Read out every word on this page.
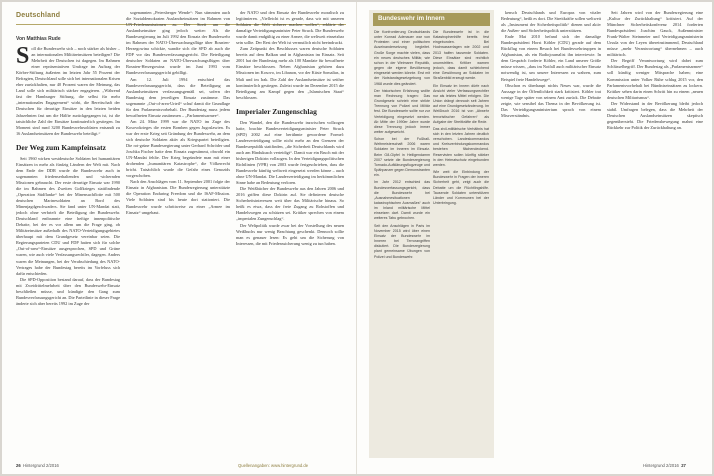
Deutschland
Von Matthias Rude

Soll die Bundeswehr sich – noch stärker als bisher – an internationalen Militäreinsätzen beteiligen? Die Mehrheit der Deutschen ist dagegen. Im Rahmen einer repräsentativen Umfrage im Auftrag der Körber-Stiftung äußerten im letzten Jahr 55 Prozent der Befragten, Deutschland solle sich bei internationalen Krisen eher zurückhalten, nur 40 Prozent waren der Meinung, das Land solle sich militärisch stärker engagieren. „Während fast der Hamburger Stiftung, die selbst für mehr „internationales Engagement“ wirbt, die Bereitschaft der Deutschen für derartige Einsätze in den letzten beiden Jahrzehnten fast um die Hälfte zurückgegangen ist, ist die tatsächliche Zahl der Einsätze kontinuierlich gestiegen. Im Moment sind rund 3200 Bundeswehrsoldaten entsandt zu 16 Auslandseinsätzen der Bundeswehr beteiligt.“

Der Weg zum Kampfeinsatz

Seit 1960 wirken westdeutsche Soldaten bei humanitären Einsätzen in mehr als fünfzig Ländern der Welt mit. Nach dem Ende der DDR wurde die Bundeswehr auch in sogenannten friedenserhaltenden und -sichernden Missionen gebraucht. Der erste derartige Einsatz war 1990 die im Rahmen des Zweiten Golfkrieges stattfindende „Operation Südflanke“ bei der Minensuchflotte mit 500 deutschen Marinesoldaten an Bord des Minenjagdgeschwaders. Sie fand unter UN-Mandat statt, jedoch ohne verbrieft die Beteiligung der Bundeswehr. Deutschland entbrannte eine heftige innenpolitische Debatte, bei der es vor allem um die Frage ging, ob Militäreinsätze außerhalb des NATO-Verteidigungsgebietes überhaupt mit dem Grundgesetz vereinbar seien. Die Regierungsparteien CDU und FDP hatten sich für solche „Out-of-area“-Einsätze ausgesprochen, SPD und Grüne waren, wie auch viele Verfassungsrechtler, dagegen. Anders waren die Meinungen, bei der Verabschiedung des NATO-Vertrages habe der Bundestag bereits im Vorfeluss sich dafür entschieden.

Die SPD-Opposition bestand darauf, dass der Bundestag mit Zweidrittelmehrheit über den Bundeswehr-Einsatz beschließen müsse, und kündigte den Gang zum Bundesverfassungsgericht an. Die Parteilinie in dieser Frage änderte sich aber bereits 1992 im Zuge der

sogenannten „Petersberger Wende“: Nun stimmten auch die Sozialdemokraten Auslandseinsätzen im Rahmen von UN-Friedensmissionen zu. Der Streit um die Auslandseinsätze ging jedoch weiter: Als die Bundesregierung im Juli 1992 den Einsatz der Bundeswehr im Rahmen der NATO-Überwachungsflüge über Bosnien-Herzegowina schickte, wandte sich die SPD ab auch die FDP vor das Bundesverfassungsgericht. Die Beteiligung deutscher Soldaten an NATO-Überwachungsflügen über Bosnien-Herzegowina wurde im Juni 1993 vom Bundesverfassungsgericht gebilligt.

Am 12. Juli 1994 entschied das Bundesverfassungsgericht, dass die Beteiligung an Auslandseinsätzen verfassungsgemäß sei, sofern der Bundestag dem jeweiligen Einsatz zustimme. Das sogenannte „Out-of-area-Urteil“ schuf damit die Grundlage für den Parlamentsvorbehalt. Der Bundestag muss jedem bewaffneten Einsatz zustimmen – „Parlamentsarmee“.

Am 24. März 1999 war die NATO im Zuge des Kosovokrieges die ersten Bomben gegen Jugoslawien. Es war der erste Krieg seit Gründung der Bundeswehr, an dem sich deutsche Soldaten aktiv als Kriegspartei beteiligten. Die rot-grüne Bundesregierung unter Gerhard Schröder und Joschka Fischer hatte dem Einsatz zugestimmt, obwohl ein UN-Mandat fehlte. Der Krieg begründete man mit einer drohenden „humanitären Katastrophe“, die Völkerrecht bricht. Tatsächlich wurde die Gefahr eines Genozids vorgeschoben.

Nach den Anschlägen vom 11. September 2001 folgte der Einsatz in Afghanistan. Die Bundesregierung unterstützte die Operation Enduring Freedom und die ISAF-Mission. Viele Soldaten sind bis heute dort stationiert. Die Bundeswehr wurde schrittweise zu einer „Armee im Einsatz“ umgebaut.

der NATO und den Einsatz der Bundeswehr moralisch zu legitimieren. „Vielleicht ist es gerade, dass wir mit unseren Soldaten die Welt sicherer machen wollen“, erklärte der damalige Verteidigungsminister Peter Struck. Die Bundeswehr wurde damit endgültig zu einer Armee, die weltweit einsetzbar sein sollte. Der Rest der Welt ist vermutlich nicht beeindruckt.

Zum Zeitpunkt des Beschlusses waren deutsche Soldaten bereits auf dem Balkan und in Afghanistan im Einsatz. Seit 2001 hat der Bundestag mehr als 100 Mandate für bewaffnete Einsätze beschlossen. Neben Afghanistan gehören dazu Missionen im Kosovo, im Libanon, vor der Küste Somalias, in Mali und im Irak. Die Zahl der Auslandseinsätze ist seither kontinuierlich gestiegen. Zuletzt wurde im Dezember 2015 die Beteiligung am Kampf gegen den „Islamischen Staat“ beschlossen.

Imperialer Zungenschlag

Den Wandel, den die Bundeswehr inzwischen vollzogen hatte, brachte Bundesverteidigungsminister Peter Struck (SPD) 2002 auf eine berühmte gewordene Formel: Landesverteidigung sollte nicht mehr an den Grenzen der Bundesrepublik stattfinden, „die Sicherheit Deutschlands wird auch am Hindukusch verteidigt“. Damit war ein Bruch mit der bisherigen Doktrin vollzogen. In den Verteidigungspolitischen Richtlinien (VPR) von 2003 wurde festgeschrieben, dass die Bundeswehr künftig weltweit eingesetzt werden könne – auch ohne UN-Mandat. Die Landesverteidigung im herkömmlichen Sinne habe an Bedeutung verloren.

Die Weißbücher der Bundeswehr aus den Jahren 2006 und 2016 griffen diese Doktrin auf. Sie definieren deutsche Sicherheitsinteressen weit über das Militärische hinaus. So heißt es etwa, dass der freie Zugang zu Rohstoffen und Handelswegen zu schützen sei. Kritiker sprechen von einem „imperialen Zungenschlag“.

Der Weltpolitik wurde zwar bei der Vorstellung des neuen Weißbuchs nur wenig Beachtung geschenkt. Dennoch sollte man es genauer lesen: Es geht um die Sicherung von Interessen, die mit Friedenssicherung wenig zu tun haben.

26 Hintergrund 2/2016	Quellenangaben: www.hintergrund.de
Bundeswehr im Innern

Die Konfrontierung Deutschlands unter Konrad Adenauer war von Protesten und einer politischen Auseinandersetzung begleitet. Große Sorge machte vielen, dass ein neues deutsches Militär, wie schon in der Weimarer Republik, gegen die eigene Bevölkerung eingesetzt werden könnte. Erst mit der Notstandsgesetzgebung von 1968 wurde dies geändert.

Der historischen Erfahrung wollte man Rechnung tragen: Das Grundgesetz schrieb eine strikte Trennung von Polizei und Militär fest. Die Bundeswehr sollte nur zur Verteidigung eingesetzt werden. Ab Mitte der 1990er Jahre wurde diese Trennung jedoch immer weiter aufgeweicht.

Schon bei der Fußball-Weltmeisterschaft 2006 waren Soldaten im Inneren im Einsatz. Beim G8-Gipfel in Heiligendamm 2007 setzte die Bundesregierung Tornado-Aufklärungsflugzeuge und Spähpanzer gegen Demonstranten ein.

Im Jahr 2012 entschied das Bundesverfassungsgericht, dass die Bundeswehr bei „Ausnahmesituationen katastrophischen Ausmaßes“ auch im Inland militärische Mittel einsetzen darf. Damit wurde ein weiteres Tabu gebrochen.

Seit den Anschlägen in Paris im November 2015 wird über einen Einsatz der Bundeswehr im Inneren bei Terrorangriffen diskutiert. Die Bundesregierung plant gemeinsame Übungen von Polizei und Bundeswehr.

Die Bundeswehr ist in die Katastrophenhilfe bereits fest eingebunden. Bei Hochwasserlagen wie 2002 und 2013 halfen tausende Soldaten. Diese Einsätze sind rechtlich unumstritten. Kritiker warnen jedoch, dass damit schleichend eine Gewöhnung an Soldaten im Straßenbild erzeugt werde.

Ein Einsatz im Innern dürfe nach Ansicht vieler Verfassungsrechtler nur als letztes Mittel erfolgen. Die Union drängt dennoch seit Jahren auf eine Grundgesetzänderung. Im Weißbuch 2016 ist von „Abwehr terroristischer Gefahren“ als Aufgabe der Streitkräfte die Rede.

Das zivil-militärische Verhältnis hat sich in den letzten Jahren deutlich verschoben. Landeskommandos und Kreisverbindungskommandos bestehen flächendeckend. Reservisten sollen künftig stärker in den Heimatschutz eingebunden werden.

Wie weit die Einbindung der Bundeswehr in Fragen der inneren Sicherheit geht, zeigt auch die Debatte um die Flüchtlingshilfe. Tausende Soldaten unterstützen Länder und Kommunen bei der Unterbringung.

kensch Deutschlands und Europas von vitaler Bedeutung“, heißt es dort. Die Streitkräfte sollen weltweit als „Instrument der Sicherheitspolitik“ dienen und aktiv die Außen- und Sicherheitspolitik unterstützen.

Ende Mai 2010 befand sich der damalige Bundespräsident Horst Köhler (CDU) gerade auf dem Rückflug von einem Besuch bei Bundeswehrtruppen in Afghanistan, als ein Radiojournalist ihn interviewte. In dem Gespräch forderte Köhler, ein Land unserer Größe müsse wissen, „dass im Notfall auch militärischer Einsatz notwendig ist, um unsere Interessen zu wahren, zum Beispiel freie Handelswege“.

Obschon es überhaupt nichts Neues war, wurde die Aussage in der Öffentlichkeit stark kritisiert. Köhler trat wenige Tage später von seinem Amt zurück. Die Debatte zeigte, wie sensibel das Thema in der Bevölkerung ist. Das Verteidigungsministerium sprach von einem Missverständnis.

Seit Jahren wird von der Bundesregierung eine „Kultur der Zurückhaltung“ kritisiert. Auf der Münchner Sicherheitskonferenz 2014 forderten Bundespräsident Joachim Gauck, Außenminister Frank-Walter Steinmeier und Verteidigungsministerin Ursula von der Leyen übereinstimmend, Deutschland müsse „mehr Verantwortung“ übernehmen – auch militärisch.

Der Begriff Verantwortung wird dabei zum Schlüsselbegriff. Der Bundestag als „Parlamentsarmee“ soll künftig weniger Mitsprache haben; eine Kommission unter Volker Rühe schlug 2015 vor, den Parlamentsvorbehalt bei Bündniseinsätzen zu lockern. Kritiker sehen darin einen Schritt hin zu einem „neuen deutschen Militarismus“.

Der Widerstand in der Bevölkerung bleibt jedoch stabil. Umfragen belegen, dass die Mehrheit der Deutschen Auslandseinsätzen skeptisch gegenübersteht. Die Friedensbewegung mahnt eine Rückkehr zur Politik der Zurückhaltung an.

Hintergrund 2/2016 27
